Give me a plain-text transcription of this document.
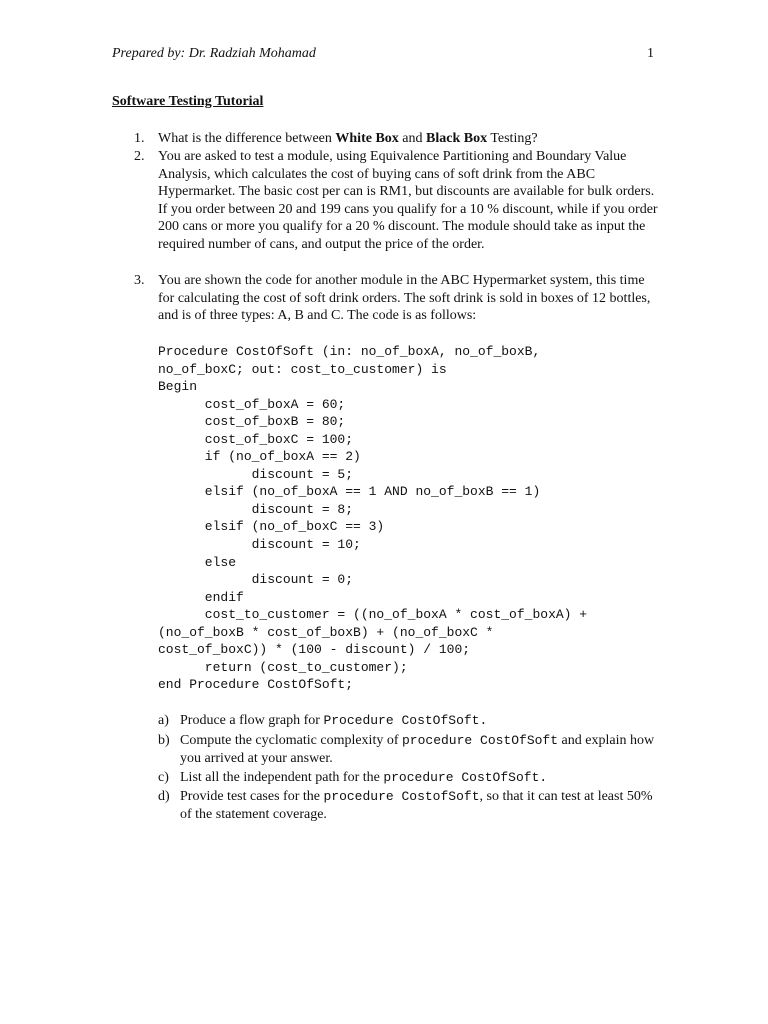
Prepared by: Dr. Radziah Mohamad	1
Software Testing Tutorial
1. What is the difference between White Box and Black Box Testing?
2. You are asked to test a module, using Equivalence Partitioning and Boundary Value Analysis, which calculates the cost of buying cans of soft drink from the ABC Hypermarket. The basic cost per can is RM1, but discounts are available for bulk orders. If you order between 20 and 199 cans you qualify for a 10 % discount, while if you order 200 cans or more you qualify for a 20 % discount. The module should take as input the required number of cans, and output the price of the order.
3. You are shown the code for another module in the ABC Hypermarket system, this time for calculating the cost of soft drink orders. The soft drink is sold in boxes of 12 bottles, and is of three types: A, B and C. The code is as follows:
Procedure CostOfSoft (in: no_of_boxA, no_of_boxB,
no_of_boxC; out: cost_to_customer) is
Begin
cost_of_boxA = 60;
cost_of_boxB = 80;
cost_of_boxC = 100;
if (no_of_boxA == 2)
discount = 5;
elsif (no_of_boxA == 1 AND no_of_boxB == 1)
discount = 8;
elsif (no_of_boxC == 3)
discount = 10;
else
discount = 0;
endif
cost_to_customer = ((no_of_boxA * cost_of_boxA) +
(no_of_boxB * cost_of_boxB) + (no_of_boxC *
cost_of_boxC)) * (100 - discount) / 100;
return (cost_to_customer);
end Procedure CostOfSoft;
a) Produce a flow graph for Procedure CostOfSoft.
b) Compute the cyclomatic complexity of procedure CostOfSoft and explain how you arrived at your answer.
c) List all the independent path for the procedure CostOfSoft.
d) Provide test cases for the procedure CostofSoft, so that it can test at least 50% of the statement coverage.
